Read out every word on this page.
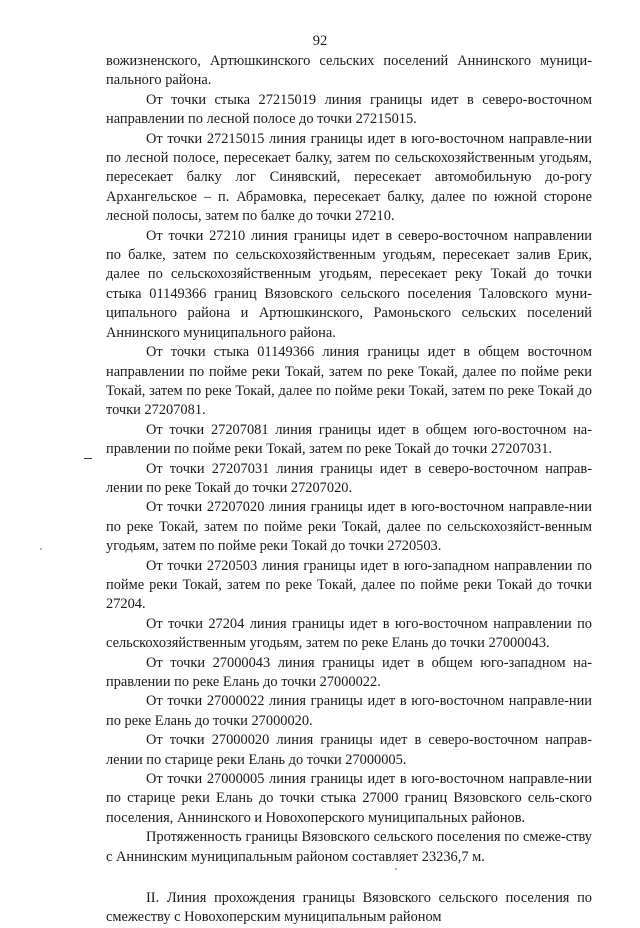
92

вожизненского, Артюшкинского сельских поселений Аннинского муници-пального района.

От точки стыка 27215019 линия границы идет в северо-восточном направлении по лесной полосе до точки 27215015.

От точки 27215015 линия границы идет в юго-восточном направле-нии по лесной полосе, пересекает балку, затем по сельскохозяйственным угодьям, пересекает балку лог Синявский, пересекает автомобильную до-рогу Архангельское – п. Абрамовка, пересекает балку, далее по южной стороне лесной полосы, затем по балке до точки 27210.

От точки 27210 линия границы идет в северо-восточном направлении по балке, затем по сельскохозяйственным угодьям, пересекает залив Ерик, далее по сельскохозяйственным угодьям, пересекает реку Токай до точки стыка 01149366 границ Вязовского сельского поселения Таловского муни-ципального района и Артюшкинского, Рамоньского сельских поселений Аннинского муниципального района.

От точки стыка 01149366 линия границы идет в общем восточном направлении по пойме реки Токай, затем по реке Токай, далее по пойме реки Токай, затем по реке Токай, далее по пойме реки Токай, затем по реке Токай до точки 27207081.

От точки 27207081 линия границы идет в общем юго-восточном на-правлении по пойме реки Токай, затем по реке Токай до точки 27207031.

От точки 27207031 линия границы идет в северо-восточном направ-лении по реке Токай до точки 27207020.

От точки 27207020 линия границы идет в юго-восточном направле-нии по реке Токай, затем по пойме реки Токай, далее по сельскохозяйст-венным угодьям, затем по пойме реки Токай до точки 2720503.

От точки 2720503 линия границы идет в юго-западном направлении по пойме реки Токай, затем по реке Токай, далее по пойме реки Токай до точки 27204.

От точки 27204 линия границы идет в юго-восточном направлении по сельскохозяйственным угодьям, затем по реке Елань до точки 27000043.

От точки 27000043 линия границы идет в общем юго-западном на-правлении по реке Елань до точки 27000022.

От точки 27000022 линия границы идет в юго-восточном направле-нии по реке Елань до точки 27000020.

От точки 27000020 линия границы идет в северо-восточном направ-лении по старице реки Елань до точки 27000005.

От точки 27000005 линия границы идет в юго-восточном направле-нии по старице реки Елань до точки стыка 27000 границ Вязовского сель-ского поселения, Аннинского и Новохоперского муниципальных районов.

Протяженность границы Вязовского сельского поселения по смеже-ству с Аннинским муниципальным районом составляет 23236,7 м.

II. Линия прохождения границы Вязовского сельского поселения по смежеству с Новохоперским муниципальным районом
